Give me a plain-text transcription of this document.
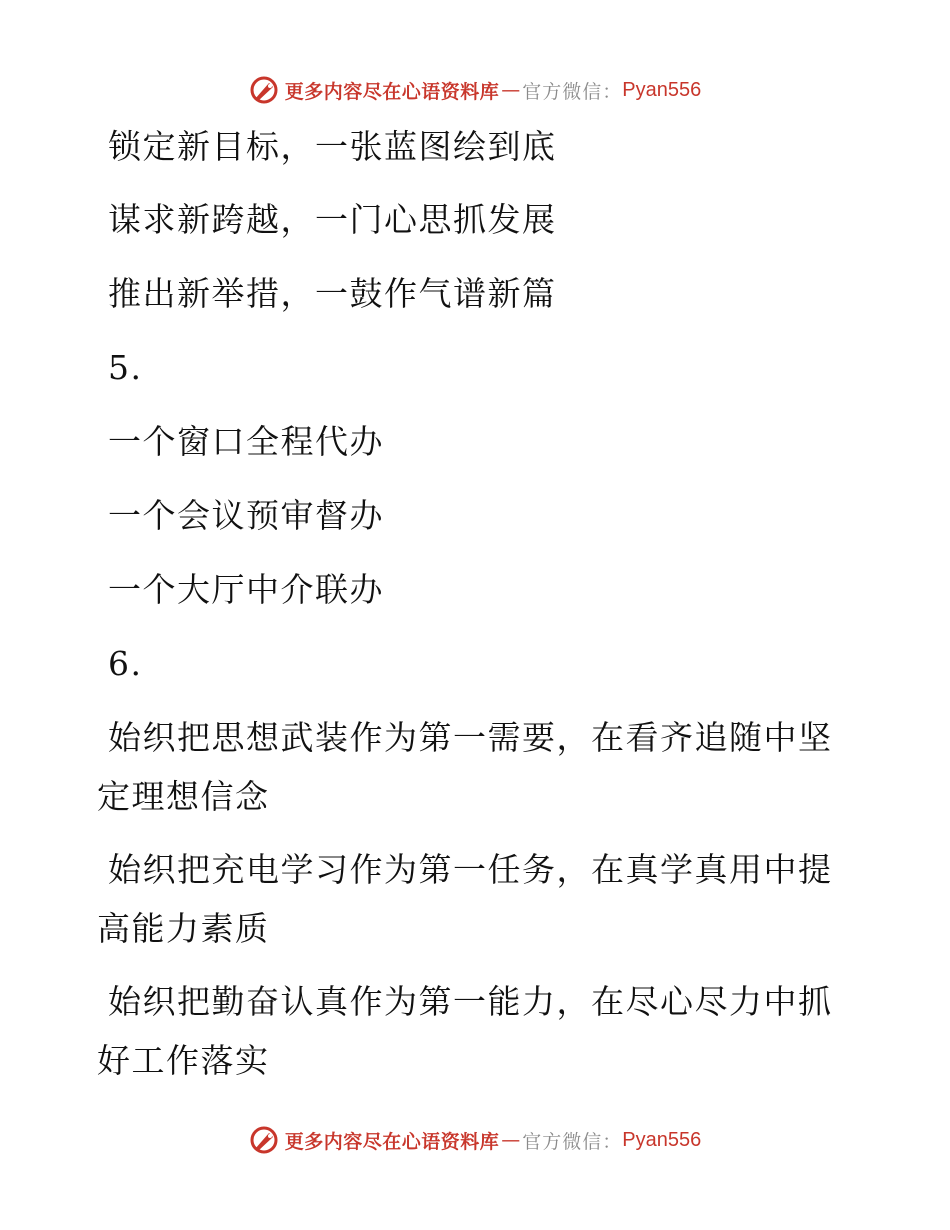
更多内容尽在心语资料库 — 官方微信： Pyan556
锁定新目标，一张蓝图绘到底
谋求新跨越，一门心思抓发展
推出新举措，一鼓作气谱新篇
5.
一个窗口全程代办
一个会议预审督办
一个大厅中介联办
6.
始织把思想武装作为第一需要，在看齐追随中坚
定理想信念
始织把充电学习作为第一任务，在真学真用中提
高能力素质
始织把勤奋认真作为第一能力，在尽心尽力中抓
好工作落实
更多内容尽在心语资料库 — 官方微信： Pyan556
